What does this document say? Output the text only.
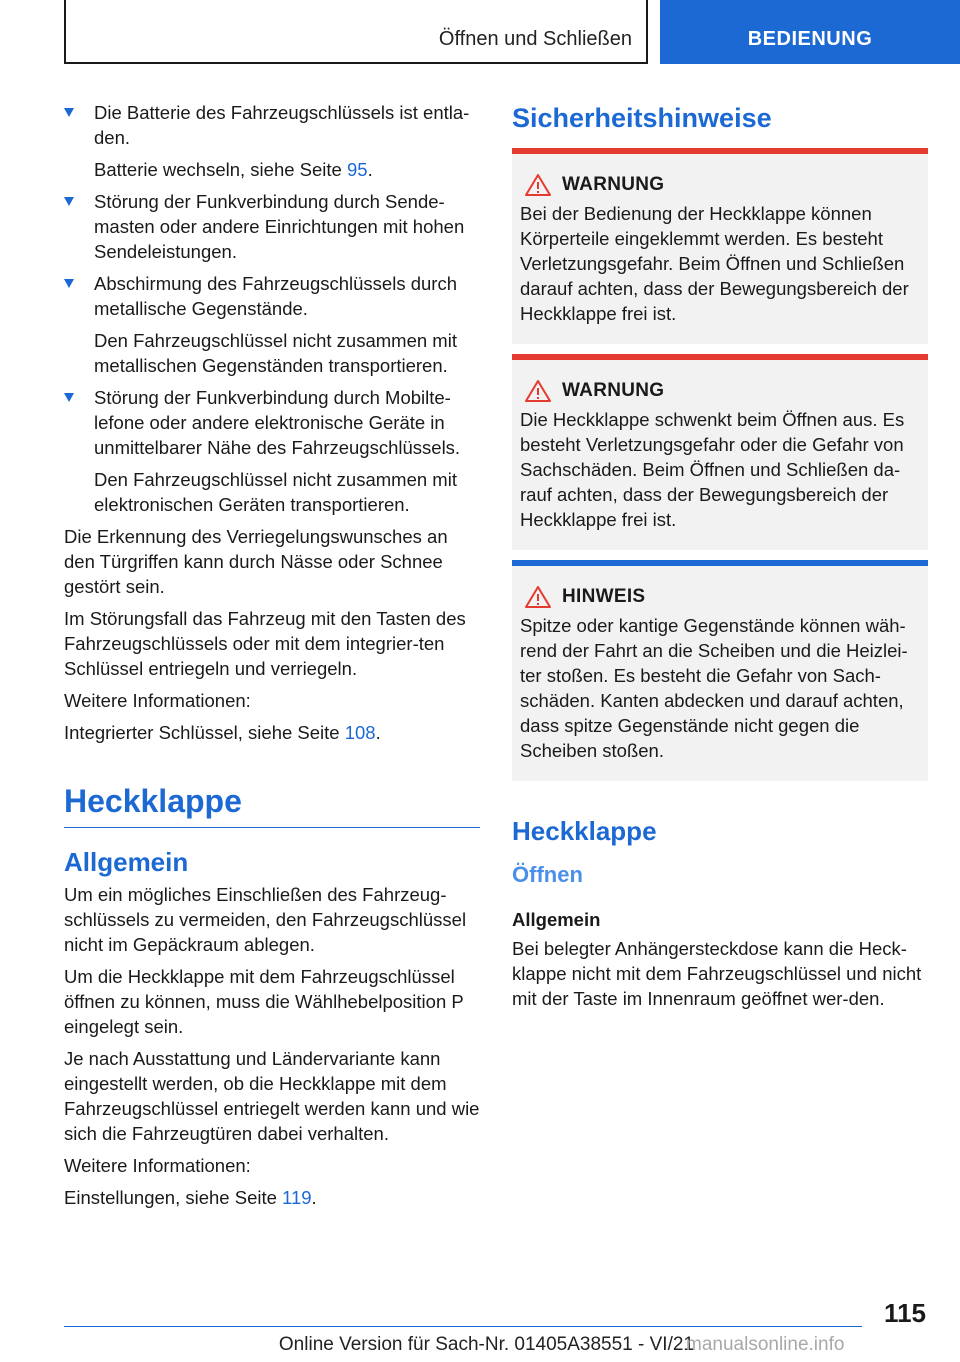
Öffnen und Schließen	BEDIENUNG

Die Batterie des Fahrzeugschlüssels ist entla-den.

Batterie wechseln, siehe Seite 95.

Störung der Funkverbindung durch Sende-masten oder andere Einrichtungen mit hohen Sendeleistungen.

Abschirmung des Fahrzeugschlüssels durch metallische Gegenstände.

Den Fahrzeugschlüssel nicht zusammen mit metallischen Gegenständen transportieren.

Störung der Funkverbindung durch Mobilte-lefone oder andere elektronische Geräte in unmittelbarer Nähe des Fahrzeugschlüssels.

Den Fahrzeugschlüssel nicht zusammen mit elektronischen Geräten transportieren.

Die Erkennung des Verriegelungswunsches an den Türgriffen kann durch Nässe oder Schnee gestört sein.

Im Störungsfall das Fahrzeug mit den Tasten des Fahrzeugschlüssels oder mit dem integrier-ten Schlüssel entriegeln und verriegeln.

Weitere Informationen:

Integrierter Schlüssel, siehe Seite 108.

Heckklappe
Allgemein

Um ein mögliches Einschließen des Fahrzeug-schlüssels zu vermeiden, den Fahrzeugschlüssel nicht im Gepäckraum ablegen.

Um die Heckklappe mit dem Fahrzeugschlüssel öffnen zu können, muss die Wählhebelposition P eingelegt sein.

Je nach Ausstattung und Ländervariante kann eingestellt werden, ob die Heckklappe mit dem Fahrzeugschlüssel entriegelt werden kann und wie sich die Fahrzeugtüren dabei verhalten.

Weitere Informationen:

Einstellungen, siehe Seite 119.

Sicherheitshinweise
WARNUNG

Bei der Bedienung der Heckklappe können Körperteile eingeklemmt werden. Es besteht Verletzungsgefahr. Beim Öffnen und Schließen darauf achten, dass der Bewegungsbereich der Heckklappe frei ist.

WARNUNG

Die Heckklappe schwenkt beim Öffnen aus. Es besteht Verletzungsgefahr oder die Gefahr von Sachschäden. Beim Öffnen und Schließen da-rauf achten, dass der Bewegungsbereich der Heckklappe frei ist.

HINWEIS

Spitze oder kantige Gegenstände können wäh-rend der Fahrt an die Scheiben und die Heizlei-ter stoßen. Es besteht die Gefahr von Sach-schäden. Kanten abdecken und darauf achten, dass spitze Gegenstände nicht gegen die Scheiben stoßen.

Heckklappe
Öffnen
Allgemein

Bei belegter Anhängersteckdose kann die Heck-klappe nicht mit dem Fahrzeugschlüssel und nicht mit der Taste im Innenraum geöffnet wer-den.

115
Online Version für Sach-Nr. 01405A38551 - VI/21
manualsonline.info
